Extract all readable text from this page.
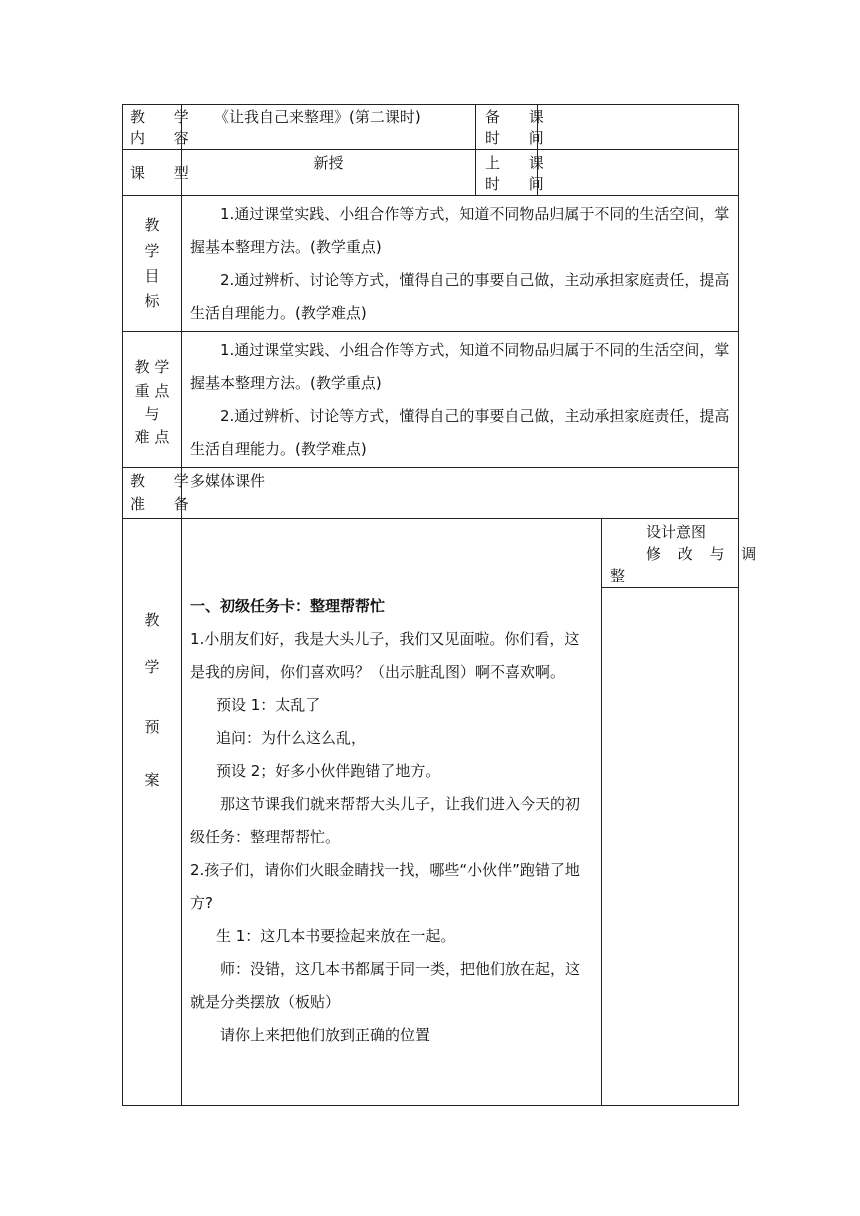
教 学
内 容
《让我自己来整理》(第二课时)	备 课
时 间
课 型
新授	上 课
时 间
教
学
目
标

1.通过课堂实践、小组合作等方式，知道不同物品归属于不同的生活空间，掌握基本整理方法。(教学重点)

2.通过辨析、讨论等方式，懂得自己的事要自己做，主动承担家庭责任，提高生活自理能力。(教学难点)

教 学
重 点
与
难 点

1.通过课堂实践、小组合作等方式，知道不同物品归属于不同的生活空间，掌握基本整理方法。(教学重点)

2.通过辨析、讨论等方式，懂得自己的事要自己做，主动承担家庭责任，提高生活自理能力。(教学难点)

教 学
准 备
多媒体课件
教
学
预
案
设计意图
修 改 与 调
整

一、初级任务卡：整理帮帮忙

1.小朋友们好，我是大头儿子，我们又见面啦。你们看，这是我的房间，你们喜欢吗？（出示脏乱图）啊不喜欢啊。

预设 1：太乱了

追问：为什么这么乱，

预设 2；好多小伙伴跑错了地方。

那这节课我们就来帮帮大头儿子，让我们进入今天的初级任务：整理帮帮忙。

2.孩子们，请你们火眼金睛找一找，哪些“小伙伴”跑错了地方?

生 1：这几本书要捡起来放在一起。

师：没错，这几本书都属于同一类，把他们放在起，这就是分类摆放（板贴）

请你上来把他们放到正确的位置
